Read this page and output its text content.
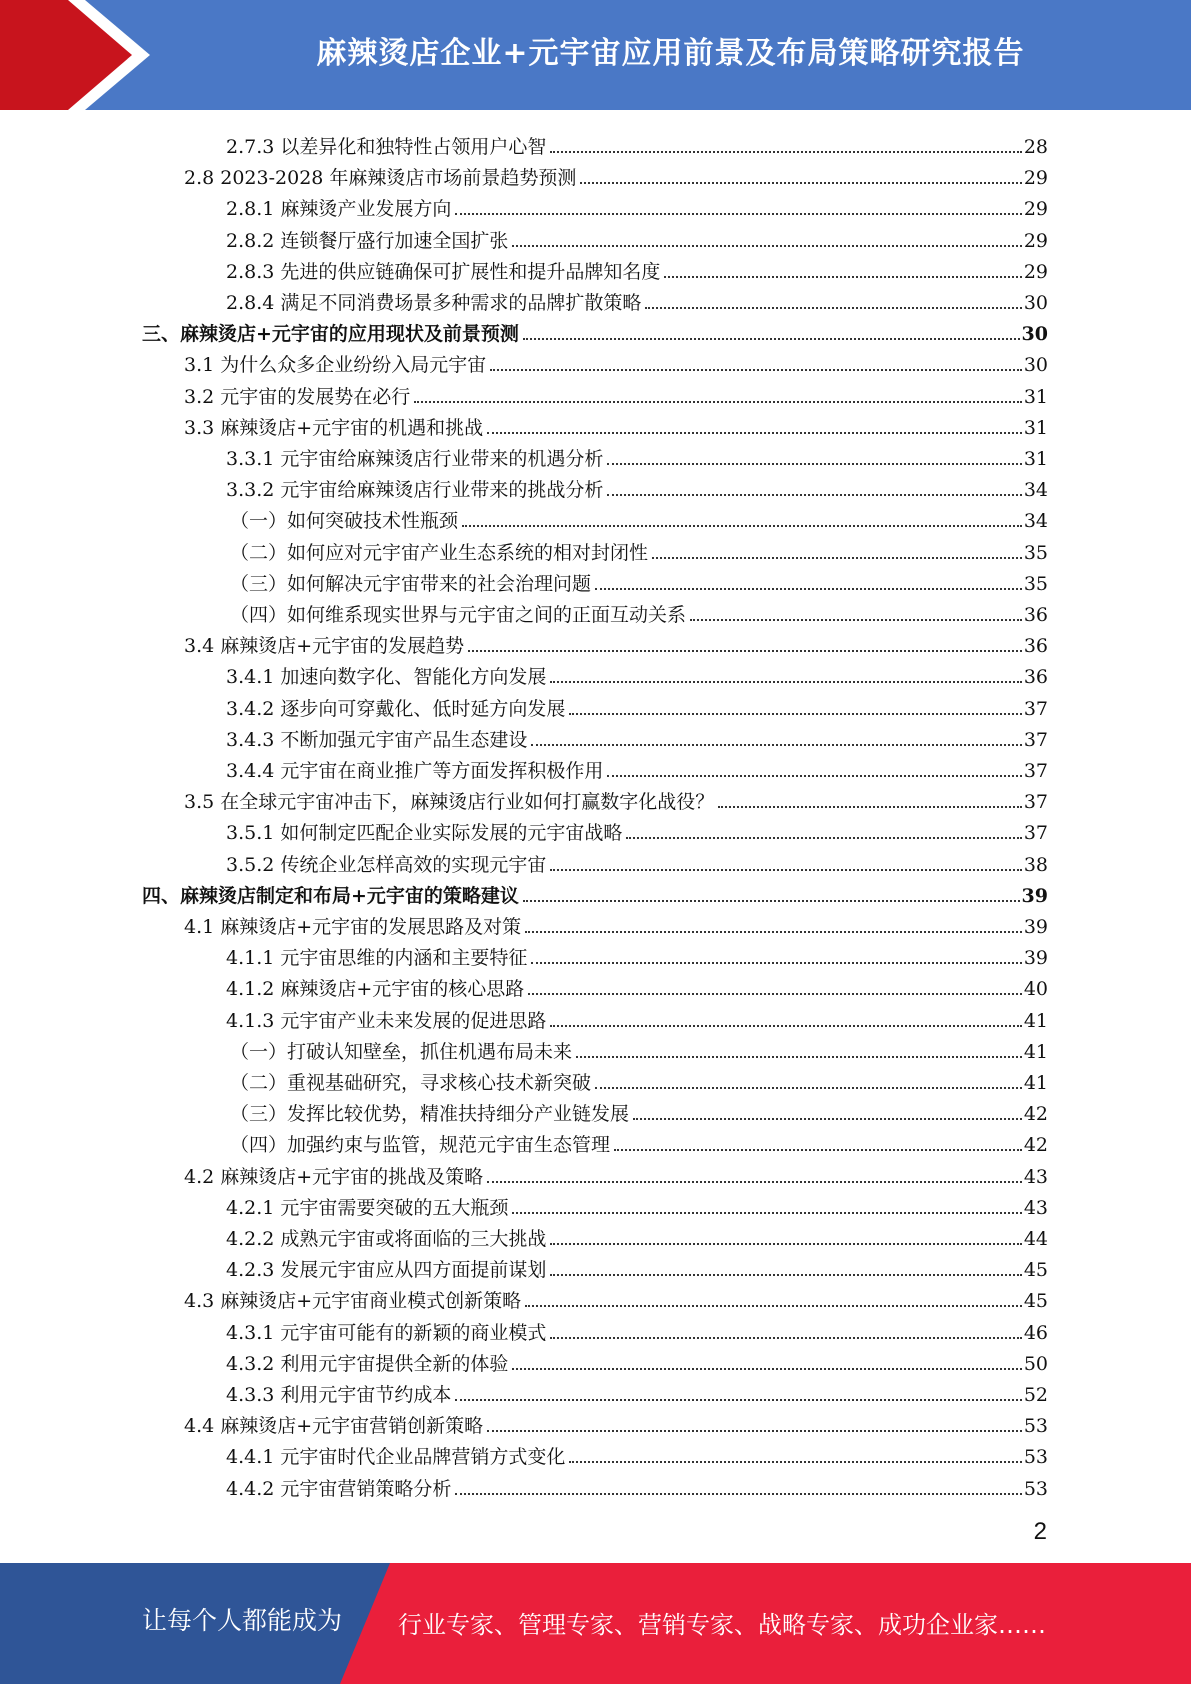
麻辣烫店企业+元宇宙应用前景及布局策略研究报告
2.7.3 以差异化和独特性占领用户心智	28
2.8 2023-2028 年麻辣烫店市场前景趋势预测	29
2.8.1 麻辣烫产业发展方向	29
2.8.2 连锁餐厅盛行加速全国扩张	29
2.8.3 先进的供应链确保可扩展性和提升品牌知名度	29
2.8.4 满足不同消费场景多种需求的品牌扩散策略	30
三、麻辣烫店+元宇宙的应用现状及前景预测	30
3.1 为什么众多企业纷纷入局元宇宙	30
3.2 元宇宙的发展势在必行	31
3.3 麻辣烫店+元宇宙的机遇和挑战	31
3.3.1 元宇宙给麻辣烫店行业带来的机遇分析	31
3.3.2 元宇宙给麻辣烫店行业带来的挑战分析	34
（一）如何突破技术性瓶颈	34
（二）如何应对元宇宙产业生态系统的相对封闭性	35
（三）如何解决元宇宙带来的社会治理问题	35
（四）如何维系现实世界与元宇宙之间的正面互动关系	36
3.4 麻辣烫店+元宇宙的发展趋势	36
3.4.1 加速向数字化、智能化方向发展	36
3.4.2 逐步向可穿戴化、低时延方向发展	37
3.4.3 不断加强元宇宙产品生态建设	37
3.4.4 元宇宙在商业推广等方面发挥积极作用	37
3.5 在全球元宇宙冲击下，麻辣烫店行业如何打赢数字化战役？	37
3.5.1 如何制定匹配企业实际发展的元宇宙战略	37
3.5.2 传统企业怎样高效的实现元宇宙	38
四、麻辣烫店制定和布局+元宇宙的策略建议	39
4.1 麻辣烫店+元宇宙的发展思路及对策	39
4.1.1 元宇宙思维的内涵和主要特征	39
4.1.2 麻辣烫店+元宇宙的核心思路	40
4.1.3 元宇宙产业未来发展的促进思路	41
（一）打破认知壁垒，抓住机遇布局未来	41
（二）重视基础研究，寻求核心技术新突破	41
（三）发挥比较优势，精准扶持细分产业链发展	42
（四）加强约束与监管，规范元宇宙生态管理	42
4.2 麻辣烫店+元宇宙的挑战及策略	43
4.2.1 元宇宙需要突破的五大瓶颈	43
4.2.2 成熟元宇宙或将面临的三大挑战	44
4.2.3 发展元宇宙应从四方面提前谋划	45
4.3 麻辣烫店+元宇宙商业模式创新策略	45
4.3.1 元宇宙可能有的新颖的商业模式	46
4.3.2 利用元宇宙提供全新的体验	50
4.3.3 利用元宇宙节约成本	52
4.4 麻辣烫店+元宇宙营销创新策略	53
4.4.1 元宇宙时代企业品牌营销方式变化	53
4.4.2 元宇宙营销策略分析	53
2
让每个人都能成为 行业专家、管理专家、营销专家、战略专家、成功企业家……
